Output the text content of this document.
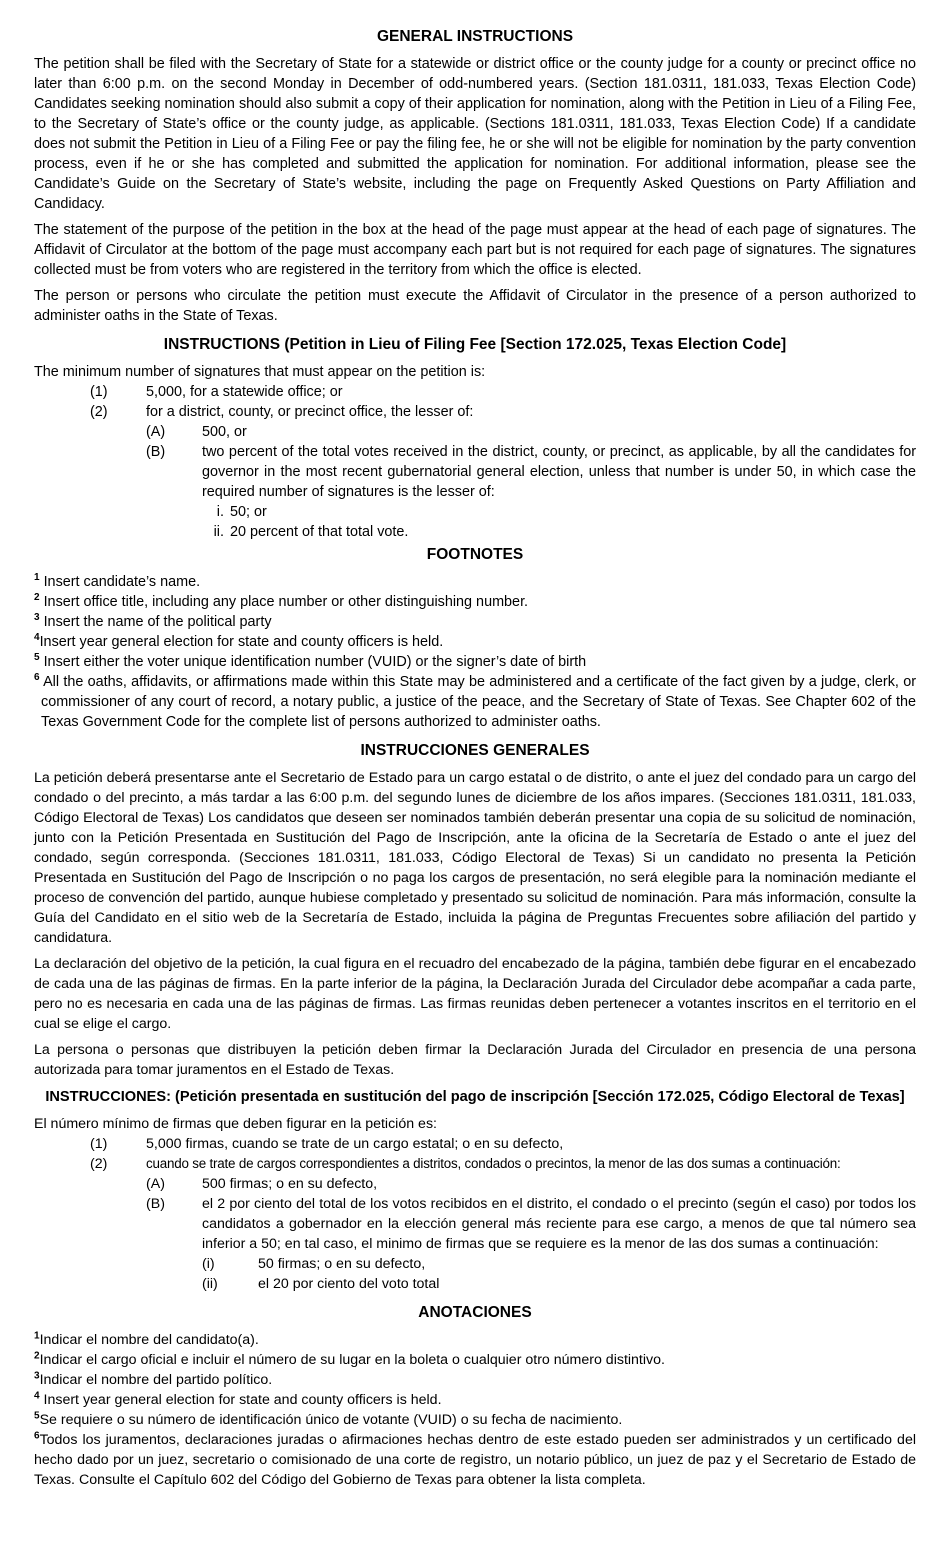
GENERAL INSTRUCTIONS

The petition shall be filed with the Secretary of State for a statewide or district office or the county judge for a county or precinct office no later than 6:00 p.m. on the second Monday in December of odd-numbered years. (Section 181.0311, 181.033, Texas Election Code) Candidates seeking nomination should also submit a copy of their application for nomination, along with the Petition in Lieu of a Filing Fee, to the Secretary of State’s office or the county judge, as applicable. (Sections 181.0311, 181.033, Texas Election Code) If a candidate does not submit the Petition in Lieu of a Filing Fee or pay the filing fee, he or she will not be eligible for nomination by the party convention process, even if he or she has completed and submitted the application for nomination. For additional information, please see the Candidate’s Guide on the Secretary of State’s website, including the page on Frequently Asked Questions on Party Affiliation and Candidacy.

The statement of the purpose of the petition in the box at the head of the page must appear at the head of each page of signatures. The Affidavit of Circulator at the bottom of the page must accompany each part but is not required for each page of signatures. The signatures collected must be from voters who are registered in the territory from which the office is elected.

The person or persons who circulate the petition must execute the Affidavit of Circulator in the presence of a person authorized to administer oaths in the State of Texas.

INSTRUCTIONS (Petition in Lieu of Filing Fee [Section 172.025, Texas Election Code]
The minimum number of signatures that must appear on the petition is:
(1)	5,000, for a statewide office; or
(2)	for a district, county, or precinct office, the lesser of:
(A)	500, or
(B)	two percent of the total votes received in the district, county, or precinct, as applicable, by all the candidates for governor in the most recent gubernatorial general election, unless that number is under 50, in which case the required number of signatures is the lesser of:
i. 50; or
ii. 20 percent of that total vote.
FOOTNOTES
$^1$ Insert candidate’s name.
$^2$ Insert office title, including any place number or other distinguishing number.
$^3$ Insert the name of the political party
$^4$Insert year general election for state and county officers is held.
$^5$ Insert either the voter unique identification number (VUID) or the signer’s date of birth
$^6$ All the oaths, affidavits, or affirmations made within this State may be administered and a certificate of the fact given by a judge, clerk, or commissioner of any court of record, a notary public, a justice of the peace, and the Secretary of State of Texas. See Chapter 602 of the Texas Government Code for the complete list of persons authorized to administer oaths.
INSTRUCCIONES GENERALES

La petición deberá presentarse ante el Secretario de Estado para un cargo estatal o de distrito, o ante el juez del condado para un cargo del condado o del precinto, a más tardar a las 6:00 p.m. del segundo lunes de diciembre de los años impares. (Secciones 181.0311, 181.033, Código Electoral de Texas) Los candidatos que deseen ser nominados también deberán presentar una copia de su solicitud de nominación, junto con la Petición Presentada en Sustitución del Pago de Inscripción, ante la oficina de la Secretaría de Estado o ante el juez del condado, según corresponda. (Secciones 181.0311, 181.033, Código Electoral de Texas) Si un candidato no presenta la Petición Presentada en Sustitución del Pago de Inscripción o no paga los cargos de presentación, no será elegible para la nominación mediante el proceso de convención del partido, aunque hubiese completado y presentado su solicitud de nominación. Para más información, consulte la Guía del Candidato en el sitio web de la Secretaría de Estado, incluida la página de Preguntas Frecuentes sobre afiliación del partido y candidatura.

La declaración del objetivo de la petición, la cual figura en el recuadro del encabezado de la página, también debe figurar en el encabezado de cada una de las páginas de firmas. En la parte inferior de la página, la Declaración Jurada del Circulador debe acompañar a cada parte, pero no es necesaria en cada una de las páginas de firmas. Las firmas reunidas deben pertenecer a votantes inscritos en el territorio en el cual se elige el cargo.

La persona o personas que distribuyen la petición deben firmar la Declaración Jurada del Circulador en presencia de una persona autorizada para tomar juramentos en el Estado de Texas.

INSTRUCCIONES: (Petición presentada en sustitución del pago de inscripción [Sección 172.025, Código Electoral de Texas]
El número mínimo de firmas que deben figurar en la petición es:
(1)	5,000 firmas, cuando se trate de un cargo estatal; o en su defecto,
(2)	cuando se trate de cargos correspondientes a distritos, condados o precintos, la menor de las dos sumas a continuación:
(A)	500 firmas; o en su defecto,
(B)	el 2 por ciento del total de los votos recibidos en el distrito, el condado o el precinto (según el caso) por todos los candidatos a gobernador en la elección general más reciente para ese cargo, a menos de que tal número sea inferior a 50; en tal caso, el minimo de firmas que se requiere es la menor de las dos sumas a continuación:
(i)	50 firmas; o en su defecto,
(ii)	el 20 por ciento del voto total
ANOTACIONES
$^1$Indicar el nombre del candidato(a).
$^2$Indicar el cargo oficial e incluir el número de su lugar en la boleta o cualquier otro número distintivo.
$^3$Indicar el nombre del partido político.
$^4$ Insert year general election for state and county officers is held.
$^5$Se requiere o su número de identificación único de votante (VUID) o su fecha de nacimiento.
$^6$Todos los juramentos, declaraciones juradas o afirmaciones hechas dentro de este estado pueden ser administrados y un certificado del hecho dado por un juez, secretario o comisionado de una corte de registro, un notario público, un juez de paz y el Secretario de Estado de Texas. Consulte el Capítulo 602 del Código del Gobierno de Texas para obtener la lista completa.
